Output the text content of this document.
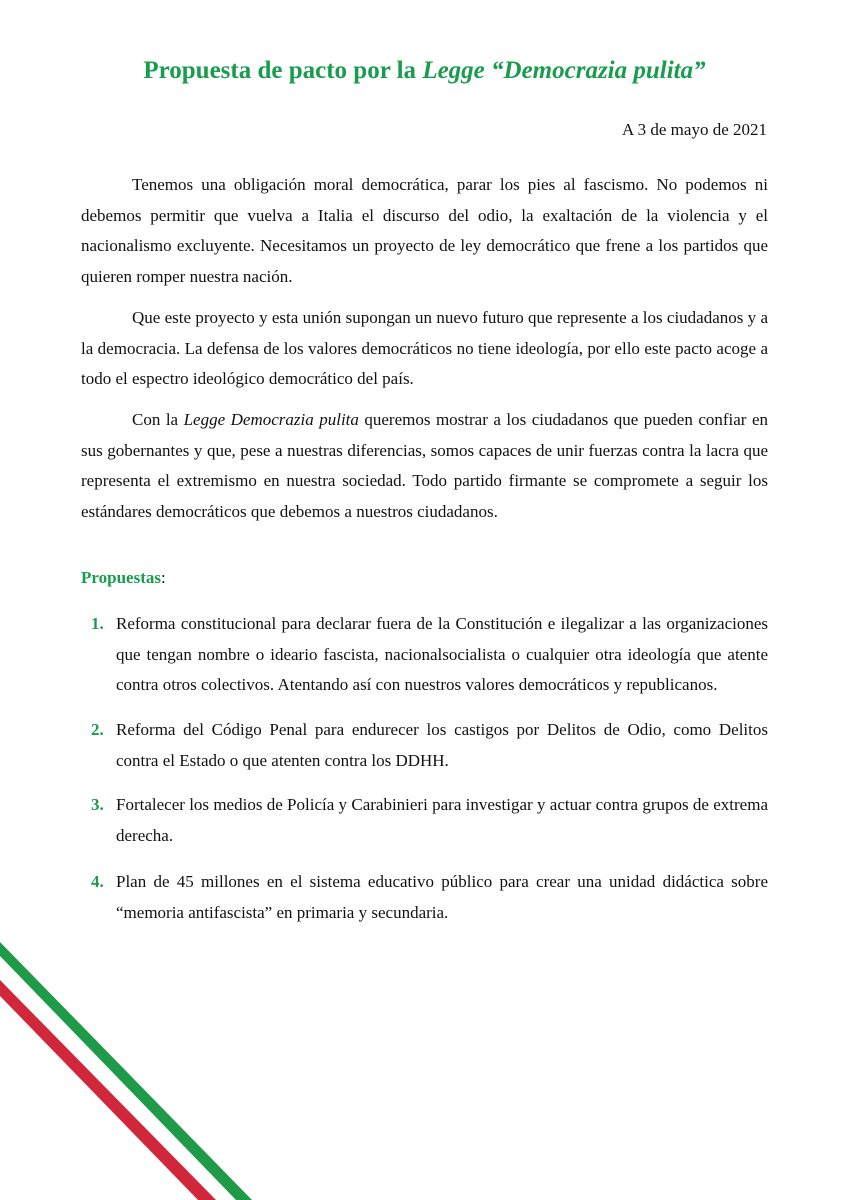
Propuesta de pacto por la Legge “Democrazia pulita”

A 3 de mayo de 2021

Tenemos una obligación moral democrática, parar los pies al fascismo. No podemos ni debemos permitir que vuelva a Italia el discurso del odio, la exaltación de la violencia y el nacionalismo excluyente. Necesitamos un proyecto de ley democrático que frene a los partidos que quieren romper nuestra nación.

Que este proyecto y esta unión supongan un nuevo futuro que represente a los ciudadanos y a la democracia. La defensa de los valores democráticos no tiene ideología, por ello este pacto acoge a todo el espectro ideológico democrático del país.

Con la Legge Democrazia pulita queremos mostrar a los ciudadanos que pueden confiar en sus gobernantes y que, pese a nuestras diferencias, somos capaces de unir fuerzas contra la lacra que representa el extremismo en nuestra sociedad. Todo partido firmante se compromete a seguir los estándares democráticos que debemos a nuestros ciudadanos.

Propuestas:

1. Reforma constitucional para declarar fuera de la Constitución e ilegalizar a las organizaciones que tengan nombre o ideario fascista, nacionalsocialista o cualquier otra ideología que atente contra otros colectivos. Atentando así con nuestros valores democráticos y republicanos.
2. Reforma del Código Penal para endurecer los castigos por Delitos de Odio, como Delitos contra el Estado o que atenten contra los DDHH.
3. Fortalecer los medios de Policía y Carabinieri para investigar y actuar contra grupos de extrema derecha.
4. Plan de 45 millones en el sistema educativo público para crear una unidad didáctica sobre “memoria antifascista” en primaria y secundaria.
